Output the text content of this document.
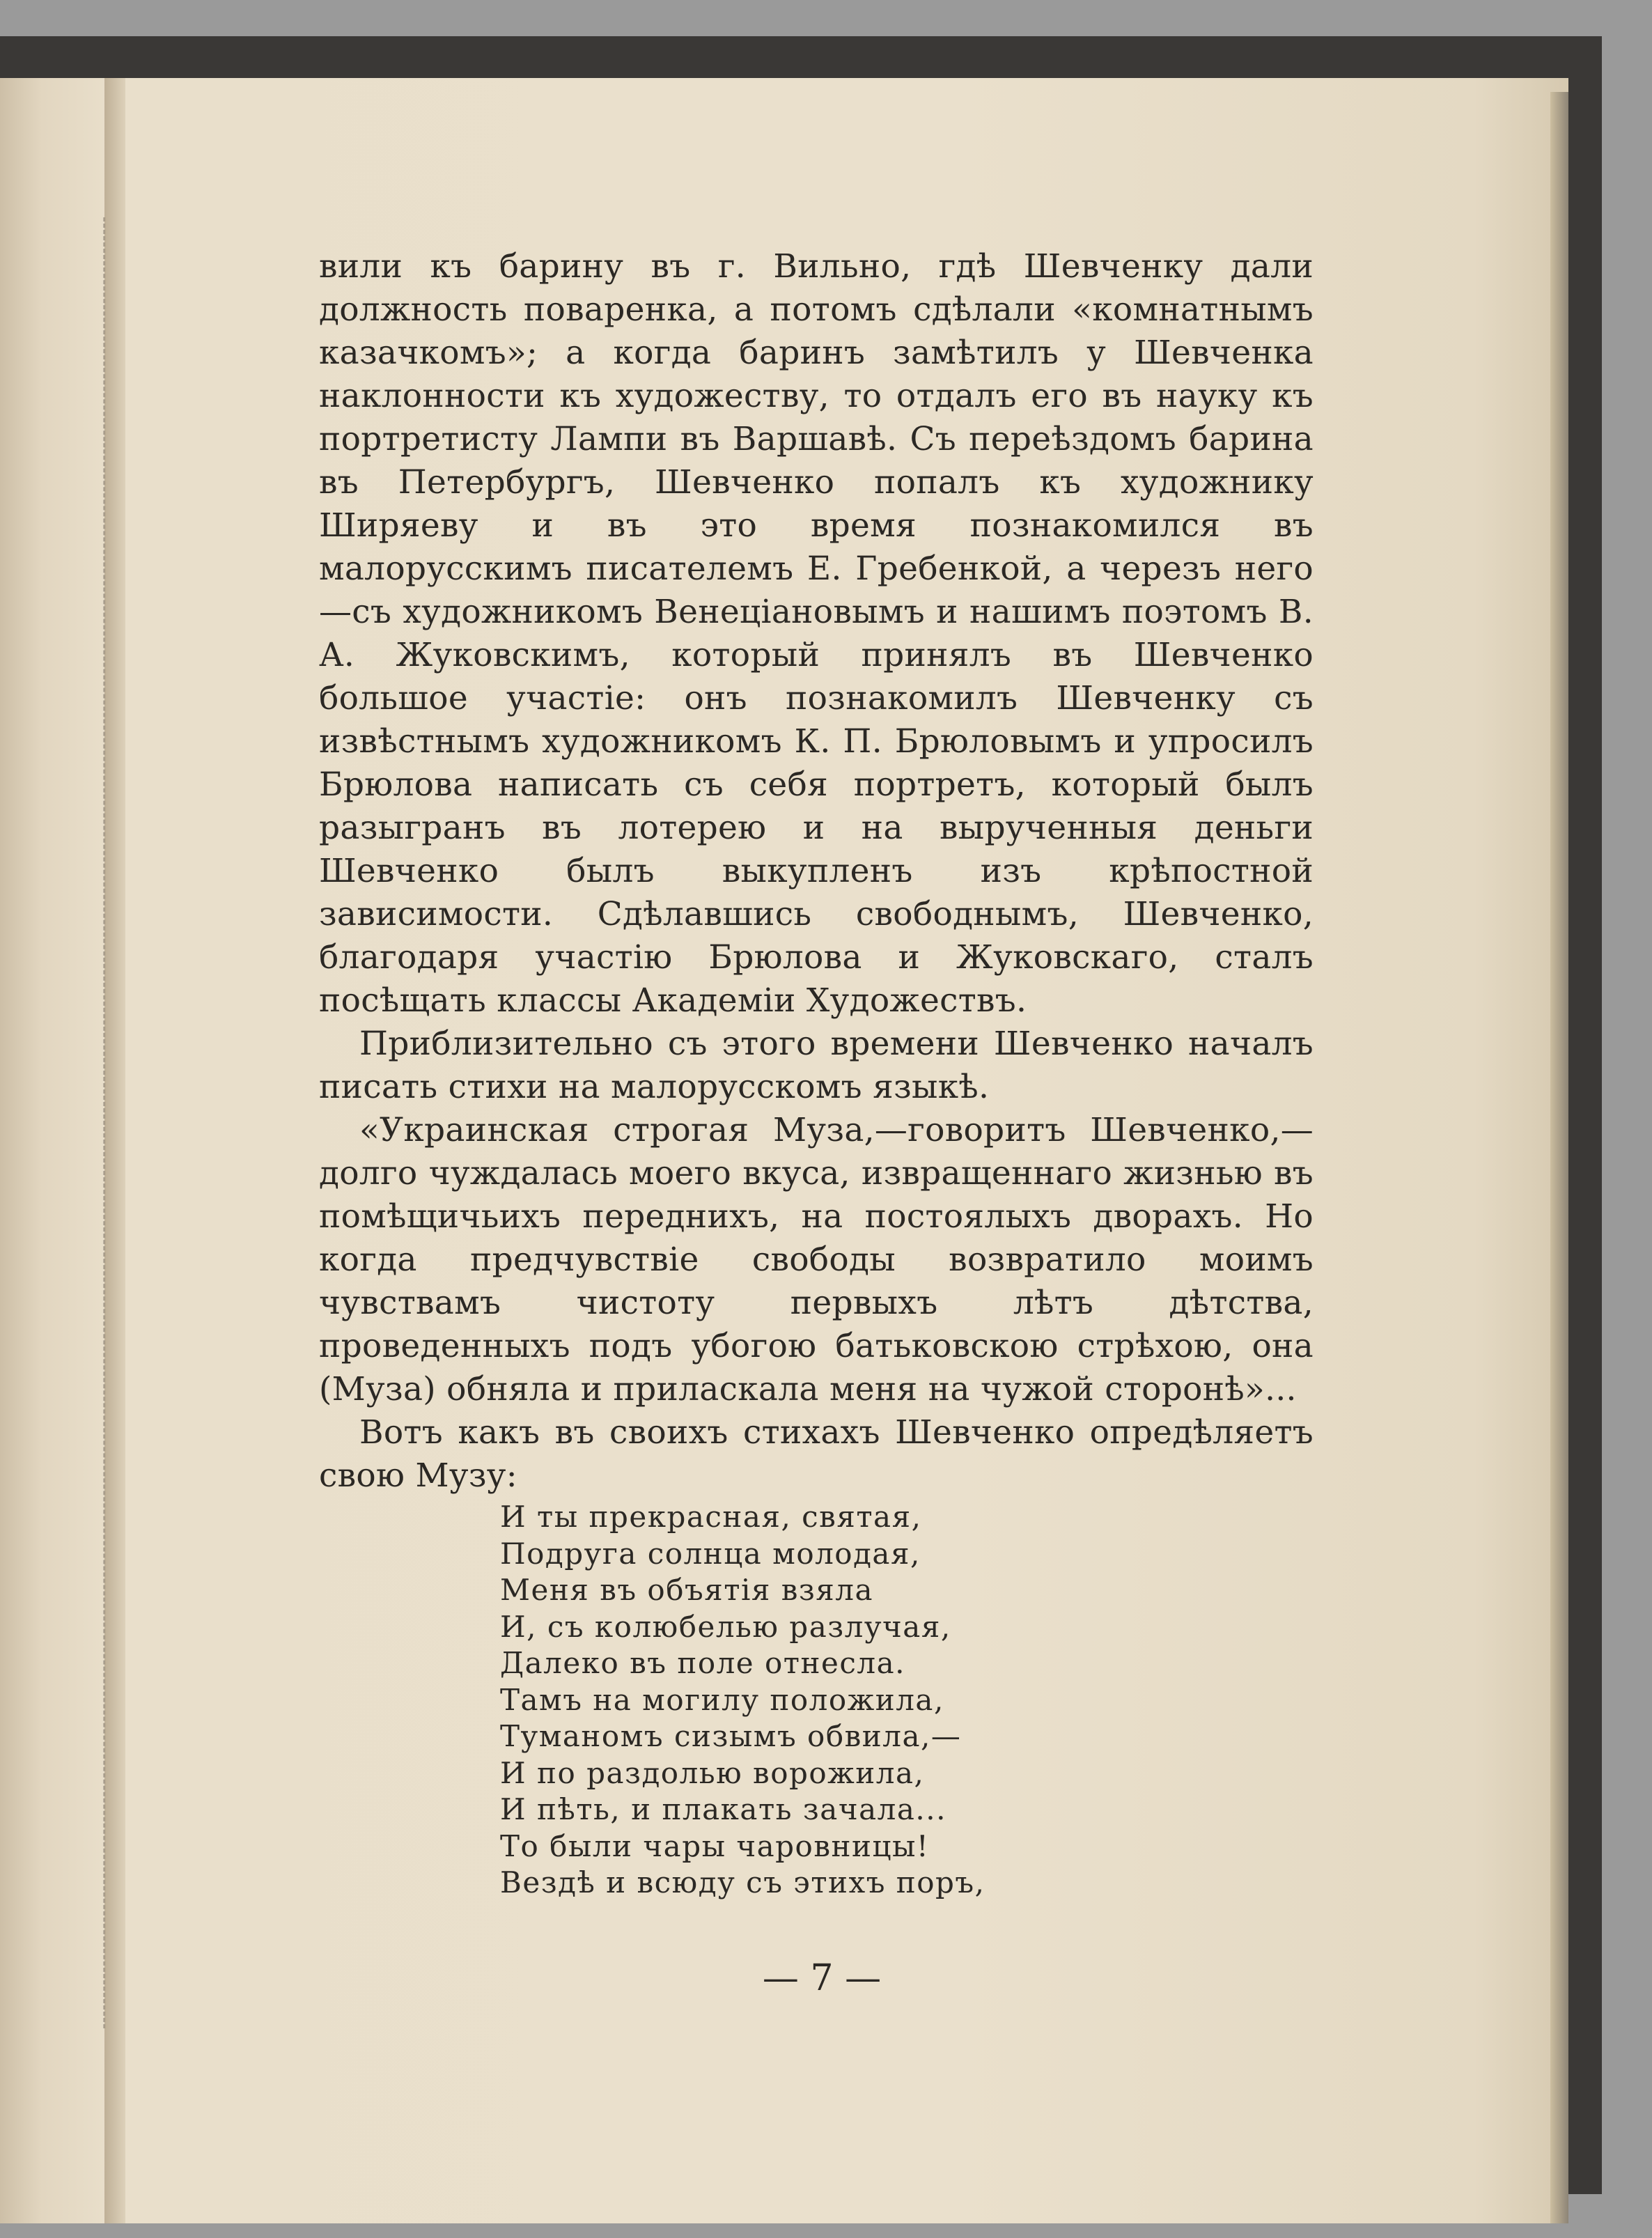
вили къ барину въ г. Вильно, гдѣ Шевченку дали должность поваренка, а потомъ сдѣлали «комнатнымъ казачкомъ»; а когда баринъ замѣтилъ у Шевченка наклонности къ художеству, то отдалъ его въ науку къ портретисту Лампи въ Варшавѣ. Съ переѣздомъ барина въ Петербургъ, Шевченко попалъ къ художнику Ширяеву и въ это время познакомился въ малорусскимъ писателемъ Е. Гребенкой, а черезъ него—съ художникомъ Венеціановымъ и нашимъ поэтомъ В. А. Жуковскимъ, который принялъ въ Шевченко большое участіе: онъ познакомилъ Шевченку съ извѣстнымъ художникомъ К. П. Брюловымъ и упросилъ Брюлова написать съ себя портретъ, который былъ разыгранъ въ лотерею и на вырученныя деньги Шевченко былъ выкупленъ изъ крѣпостной зависимости. Сдѣлавшись свободнымъ, Шевченко, благодаря участію Брюлова и Жуковскаго, сталъ посѣщать классы Академіи Художествъ.

Приблизительно съ этого времени Шевченко началъ писать стихи на малорусскомъ языкѣ.

«Украинская строгая Муза,—говоритъ Шевченко,— долго чуждалась моего вкуса, извращеннаго жизнью въ помѣщичьихъ переднихъ, на постоялыхъ дворахъ. Но когда предчувствіе свободы возвратило моимъ чувствамъ чистоту первыхъ лѣтъ дѣтства, проведенныхъ подъ убогою батьковскою стрѣхою, она (Муза) обняла и приласкала меня на чужой сторонѣ»...

Вотъ какъ въ своихъ стихахъ Шевченко опредѣляетъ свою Музу:

И ты прекрасная, святая,
Подруга солнца молодая,
Меня въ объятія взяла
И, съ колюбелью разлучая,
Далеко въ поле отнесла.
Тамъ на могилу положила,
Туманомъ сизымъ обвила,—
И по раздолью ворожила,
И пѣть, и плакать зачала...
То были чары чаровницы!
Вездѣ и всюду съ этихъ поръ,
— 7 —
